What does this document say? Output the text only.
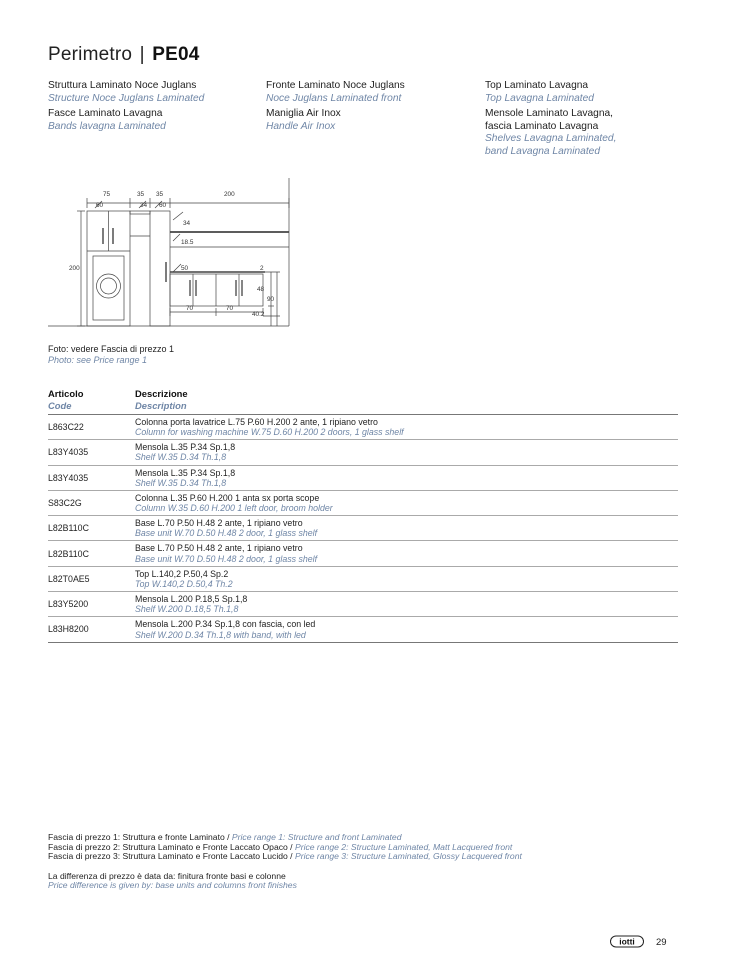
Perimetro | PE04
Struttura Laminato Noce Juglans
Structure Noce Juglans Laminated
Fasce Laminato Lavagna
Bands lavagna Laminated
Fronte Laminato Noce Juglans
Noce Juglans Laminated front
Maniglia Air Inox
Handle Air Inox
Top Laminato Lavagna
Top Lavagna Laminated
Mensole Laminato Lavagna,
fascia Laminato Lavagna
Shelves Lavagna Laminated,
band Lavagna Laminated
75	35 35	200
60	34 60
200
34
18.5
50	2
48
90
70	70
40.2
Foto: vedere Fascia di prezzo 1
Photo: see Price range 1
Articolo
Code
Descrizione
Description
L863C22
Colonna porta lavatrice L.75 P.60 H.200 2 ante, 1 ripiano vetro
Column for washing machine W.75 D.60 H.200 2 doors, 1 glass shelf
L83Y4035
Mensola L.35 P.34 Sp.1,8
Shelf W.35 D.34 Th.1,8
L83Y4035
Mensola L.35 P.34 Sp.1,8
Shelf W.35 D.34 Th.1,8
S83C2G
Colonna L.35 P.60 H.200 1 anta sx porta scope
Column W.35 D.60 H.200 1 left door, broom holder
L82B110C
Base L.70 P.50 H.48 2 ante, 1 ripiano vetro
Base unit W.70 D.50 H.48 2 door, 1 glass shelf
L82B110C
Base L.70 P.50 H.48 2 ante, 1 ripiano vetro
Base unit W.70 D.50 H.48 2 door, 1 glass shelf
L82T0AE5
Top L.140,2 P.50,4 Sp.2
Top W.140,2 D.50,4 Th.2
L83Y5200
Mensola L.200 P.18,5 Sp.1,8
Shelf W.200 D.18,5 Th.1,8
L83H8200
Mensola L.200 P.34 Sp.1,8 con fascia, con led
Shelf W.200 D.34 Th.1,8 with band, with led
Fascia di prezzo 1: Struttura e fronte Laminato / Price range 1: Structure and front Laminated
Fascia di prezzo 2: Struttura Laminato e Fronte Laccato Opaco / Price range 2: Structure Laminated, Matt Lacquered front
Fascia di prezzo 3: Struttura Laminato e Fronte Laccato Lucido / Price range 3: Structure Laminated, Glossy Lacquered front
La differenza di prezzo è data da: finitura fronte basi e colonne
Price difference is given by: base units and columns front finishes
iotti 29
